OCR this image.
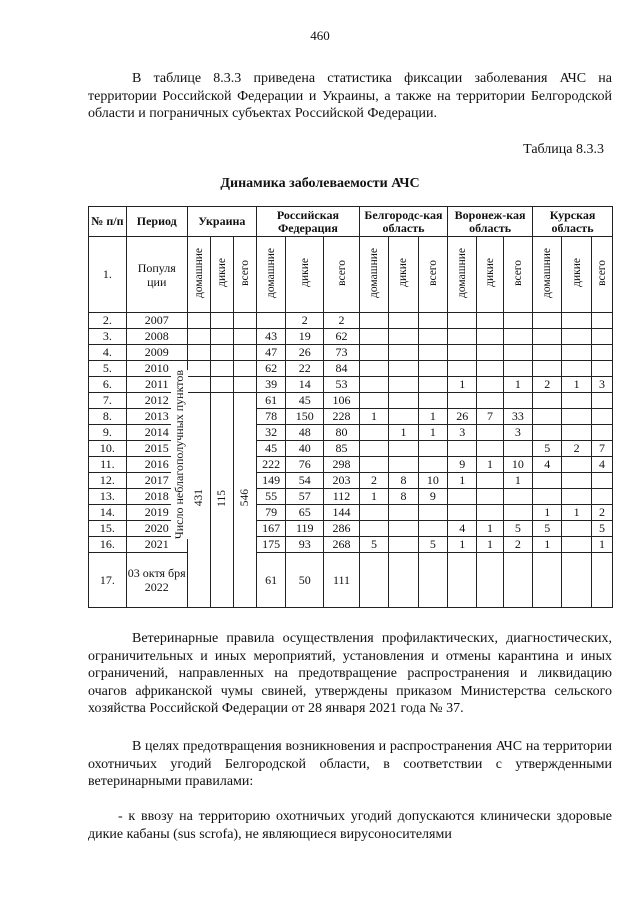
460

В таблице 8.3.3 приведена статистика фиксации заболевания АЧС на территории Российской Федерации и Украины, а также на территории Белгородской области и пограничных субъектах Российской Федерации.

Таблица 8.3.3
Динамика заболеваемости АЧС
№ п/п	Период	Украина			Российская Федерация			Белгородс-кая область			Воронеж-кая область			Курская область		
1.	Популя ции	домашние	дикие	всего	домашние	дикие	всего	домашние	дикие	всего	домашние	дикие	всего	домашние	дикие	всего
2.	2007					2	2									
3.	2008				43	19	62									
4.	2009				47	26	73									
5.	2010				62	22	84									
6.	2011				39	14	53				1		1	2	1	3
7.	2012	431	115	546	61	45	106									
8.	2013				78	150	228	1		1	26	7	33			
9.	2014				32	48	80		1	1	3		3			
10.	2015				45	40	85							5	2	7
11.	2016				222	76	298				9	1	10	4		4
12.	2017				149	54	203	2	8	10	1		1			
13.	2018				55	57	112	1	8	9						
14.	2019				79	65	144							1	1	2
15.	2020				167	119	286				4	1	5	5		5
16.	2021				175	93	268	5		5	1	1	2	1		1
17.	03 октя бря 2022				61	50	111									

Ветеринарные правила осуществления профилактических, диагностических, ограничительных и иных мероприятий, установления и отмены карантина и иных ограничений, направленных на предотвращение распространения и ликвидацию очагов африканской чумы свиней, утверждены приказом Министерства сельского хозяйства Российской Федерации от 28 января 2021 года № 37.

В целях предотвращения возникновения и распространения АЧС на территории охотничьих угодий Белгородской области, в соответствии с утвержденными ветеринарными правилами:

- к ввозу на территорию охотничьих угодий допускаются клинически здоровые дикие кабаны (sus scrofa), не являющиеся вирусоносителями

Число неблагополучных пунктов
